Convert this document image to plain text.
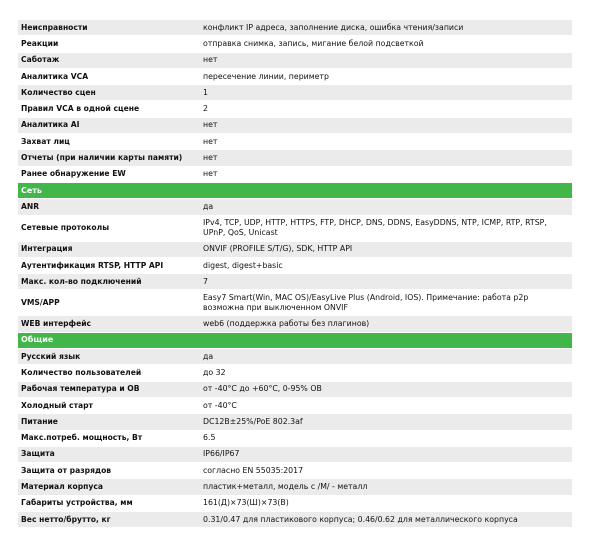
Неисправности	конфликт IP адреса, заполнение диска, ошибка чтения/записи
Реакции	отправка снимка, запись, мигание белой подсветкой
Саботаж	нет
Аналитика VCA	пересечение линии, периметр
Количество сцен	1
Правил VCA в одной сцене	2
Аналитика AI	нет
Захват лиц	нет
Отчеты (при наличии карты памяти)	нет
Ранее обнаружение EW	нет
Сеть	
ANR	да
Сетевые протоколы	IPv4, TCP, UDP, HTTP, HTTPS, FTP, DHCP, DNS, DDNS, EasyDDNS, NTP, ICMP, RTP, RTSP, UPnP, QoS, Unicast
Интеграция	ONVIF (PROFILE S/T/G), SDK, HTTP API
Аутентификация RTSP, HTTP API	digest, digest+basic
Макс. кол-во подключений	7
VMS/APP	Easy7 Smart(Win, MAC OS)/EasyLive Plus (Android, IOS). Примечание: работа p2p возможна при выключенном ONVIF
WEB интерфейс	web6 (поддержка работы без плагинов)
Общие	
Русский язык	да
Количество пользователей	до 32
Рабочая температура и ОВ	от -40°C до +60°C, 0-95% ОВ
Холодный старт	от -40°C
Питание	DC12В±25%/PoE 802.3af
Макс.потреб. мощность, Вт	6.5
Защита	IP66/IP67
Защита от разрядов	согласно EN 55035:2017
Материал корпуса	пластик+металл, модель с /M/ - металл
Габариты устройства, мм	161(Д)×73(Ш)×73(В)
Вес нетто/брутто, кг	0.31/0.47 для пластикового корпуса; 0.46/0.62 для металлического корпуса
